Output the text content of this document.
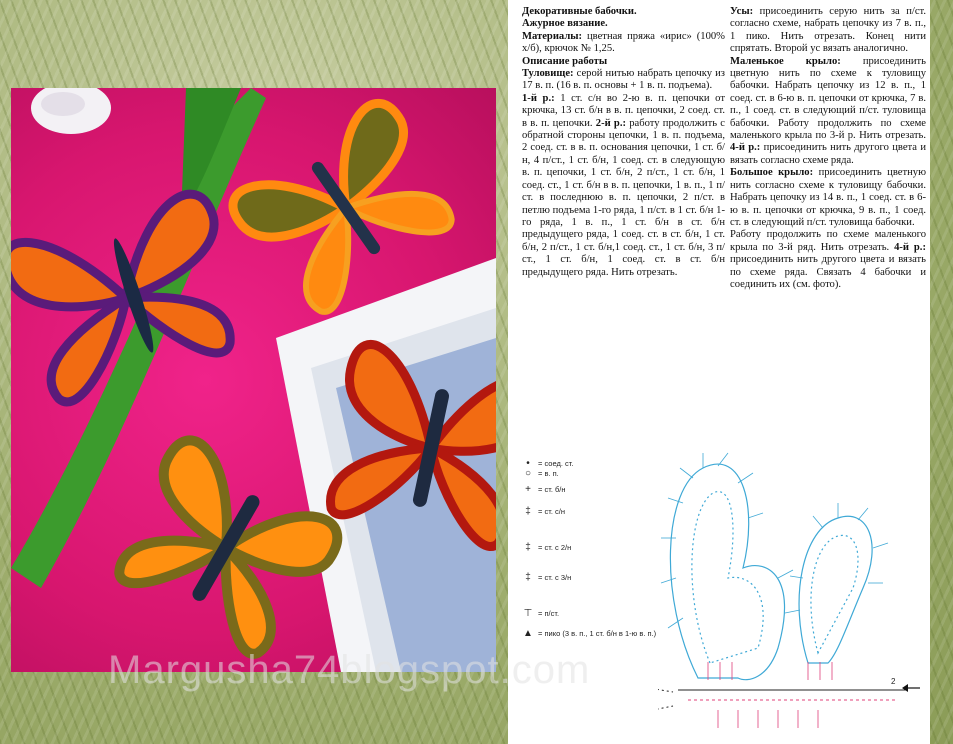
Декоративные бабочки.

Ажурное вязание.

Материалы: цветная пряжа «ирис» (100% х/б), крючок № 1,25.

Описание работы

Туловище: серой нитью набрать цепочку из 17 в. п. (16 в. п. основы + 1 в. п. подъема).

1-й р.: 1 ст. с/н во 2-ю в. п. цепочки от крючка, 13 ст. б/н в в. п. цепочки, 2 соед. ст. в в. п. цепочки. 2-й р.: работу продолжить с обратной стороны цепочки, 1 в. п. подъема, 2 соед. ст. в в. п. основания цепочки, 1 ст. б/н, 4 п/ст., 1 ст. б/н, 1 соед. ст. в следующую в. п. цепочки, 1 ст. б/н, 2 п/ст., 1 ст. б/н, 1 соед. ст., 1 ст. б/н в в. п. цепочки, 1 в. п., 1 п/ст. в последнюю в. п. цепочки, 2 п/ст. в петлю подъема 1-го ряда, 1 п/ст. в 1 ст. б/н 1-го ряда, 1 в. п., 1 ст. б/н в ст. б/н предыдущего ряда, 1 соед. ст. в ст. б/н, 1 ст. б/н, 2 п/ст., 1 ст. б/н,1 соед. ст., 1 ст. б/н, 3 п/ст., 1 ст. б/н, 1 соед. ст. в ст. б/н предыдущего ряда. Нить отрезать.

Усы: присоединить серую нить за п/ст. согласно схеме, набрать цепочку из 7 в. п., 1 пико. Нить отрезать. Конец нити спрятать. Второй ус вязать аналогично.

Маленькое крыло: присоединить цветную нить по схеме к туловищу бабочки. Набрать цепочку из 12 в. п., 1 соед. ст. в 6-ю в. п. цепочки от крючка, 7 в. п., 1 соед. ст. в следующий п/ст. туловища бабочки. Работу продолжить по схеме маленького крыла по 3-й р. Нить отрезать. 4-й р.: присоединить нить другого цвета и вязать согласно схеме ряда.

Большое крыло: присоединить цветную нить согласно схеме к туловищу бабочки. Набрать цепочку из 14 в. п., 1 соед. ст. в 6-ю в. п. цепочки от крючка, 9 в. п., 1 соед. ст. в следующий п/ст. туловища бабочки.

Работу продолжить по схеме маленького крыла по 3-й ряд. Нить отрезать. 4-й р.: присоединить нить другого цвета и вязать по схеме ряда. Связать 4 бабочки и соединить их (см. фото).

•	= соед. ст.
○ = в. п.
+ = ст. б/н
‡ = ст. с/н
‡ = ст. с 2/н
‡ = ст. с 3/н
⊤ = п/ст.
▲ = пико (3 в. п., 1 ст. б/н в 1-ю в. п.)
2
Margusha74blogspot.com
